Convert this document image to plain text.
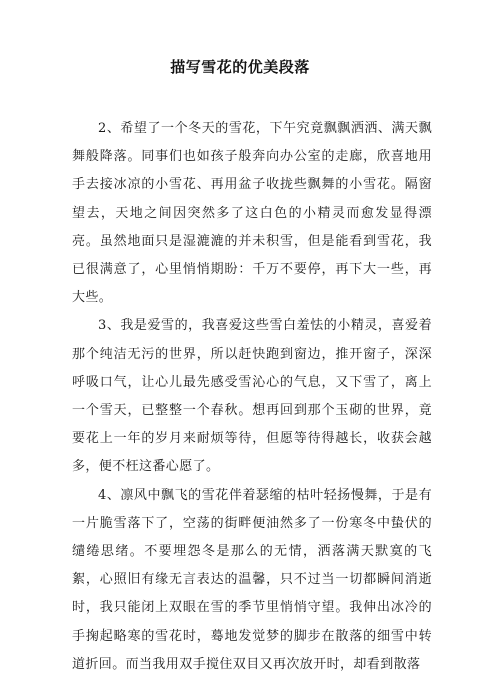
描写雪花的优美段落

2、希望了一个冬天的雪花，下午究竟飘飘洒洒、满天飘舞般降落。同事们也如孩子般奔向办公室的走廊，欣喜地用手去接冰凉的小雪花、再用盆子收拢些飘舞的小雪花。隔窗望去，天地之间因突然多了这白色的小精灵而愈发显得漂亮。虽然地面只是湿漉漉的并未积雪，但是能看到雪花，我已很满意了，心里悄悄期盼：千万不要停，再下大一些，再大些。

3、我是爱雪的，我喜爱这些雪白羞怯的小精灵，喜爱着那个纯洁无污的世界，所以赶快跑到窗边，推开窗子，深深呼吸口气，让心儿最先感受雪沁心的气息，又下雪了，离上一个雪天，已整整一个春秋。想再回到那个玉砌的世界，竟要花上一年的岁月来耐烦等待，但愿等待得越长，收获会越多，便不枉这番心愿了。

4、凛风中飘飞的雪花伴着瑟缩的枯叶轻扬慢舞，于是有一片脆雪落下了，空荡的街畔便油然多了一份寒冬中蛰伏的缱绻思绪。不要埋怨冬是那么的无情，洒落满天默寞的飞絮，心照旧有缘无言表达的温馨，只不过当一切都瞬间消逝时，我只能闭上双眼在雪的季节里悄悄守望。我伸出冰冷的手掬起略寒的雪花时，蓦地发觉梦的脚步在散落的细雪中转道折回。而当我用双手搅住双目又再次放开时，却看到散落
